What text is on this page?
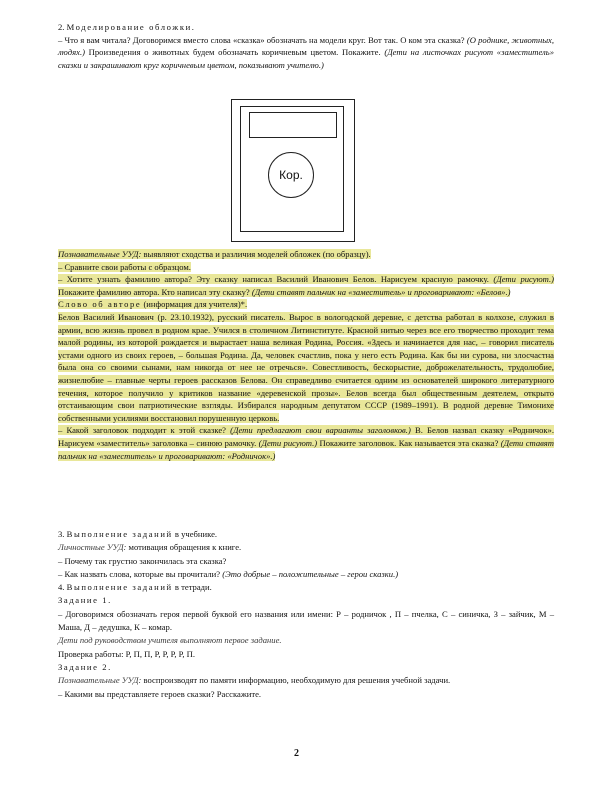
2. Моделирование обложки.
– Что я вам читала? Договоримся вместо слова «сказка» обозначать на модели круг. Вот так. О ком эта сказка? (О роднике, животных, людях.) Произведения о животных будем обозначать коричневым цветом. Покажите. (Дети на листочках рисуют «заместитель» сказки и закрашивают круг коричневым цветом, показывают учителю.)

Кор.

Познавательные УУД: выявляют сходства и различия моделей обложек (по образцу).
– Сравните свои работы с образцом.
– Хотите узнать фамилию автора? Эту сказку написал Василий Иванович Белов. Нарисуем красную рамочку. (Дети рисуют.) Покажите фамилию автора. Кто написал эту сказку? (Дети ставят пальчик на «заместитель» и проговаривают: «Белов».)
Слово об авторе (информация для учителя)*.
Белов Василий Иванович (р. 23.10.1932), русский писатель. Вырос в вологодской деревне, с детства работал в колхозе, служил в армии, всю жизнь провел в родном крае. Учился в столичном Литинституте. Красной нитью через все его творчество проходит тема малой родины, из которой рождается и вырастает наша великая Родина, Россия. «Здесь и начинается для нас, – говорил писатель устами одного из своих героев, – большая Родина. Да, человек счастлив, пока у него есть Родина. Как бы ни сурова, ни злосчастна была она со своими сынами, нам никогда от нее не отречься». Совестливость, бескорыстие, доброжелательность, трудолюбие, жизнелюбие – главные черты героев рассказов Белова. Он справедливо считается одним из основателей широкого литературного течения, которое получило у критиков название «деревенской прозы». Белов всегда был общественным деятелем, открыто отстаивающим свои патриотические взгляды. Избирался народным депутатом СССР (1989–1991). В родной деревне Тимонихе собственными усилиями восстановил порушенную церковь.
– Какой заголовок подходит к этой сказке? (Дети предлагают свои варианты заголовков.) В. Белов назвал сказку «Родничок». Нарисуем «заместитель» заголовка – синюю рамочку. (Дети рисуют.) Покажите заголовок. Как называется эта сказка? (Дети ставят пальчик на «заместитель» и проговаривают: «Родничок».)

3. Выполнение заданий в учебнике.
Личностные УУД: мотивация обращения к книге.
– Почему так грустно закончилась эта сказка?
– Как назвать слова, которые вы прочитали? (Это добрые – положительные – герои сказки.)
4. Выполнение заданий в тетради.
Задание 1.
– Договоримся обозначать героя первой буквой его названия или имени: Р – родничок , П – пчелка, С – синичка, З – зайчик, М – Маша, Д – дедушка, К – комар.
Дети под руководством учителя выполняют первое задание.
Проверка работы: Р, П, П, Р, Р, Р, Р, П.
Задание 2.
Познавательные УУД: воспроизводят по памяти информацию, необходимую для решения учебной задачи.
– Какими вы представляете героев сказки? Расскажите.

2
